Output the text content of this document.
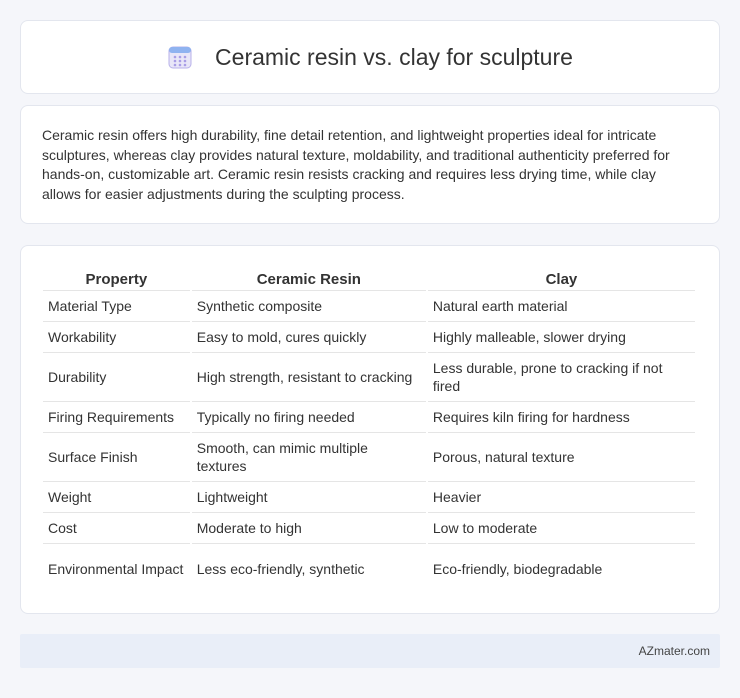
Ceramic resin vs. clay for sculpture

Ceramic resin offers high durability, fine detail retention, and lightweight properties ideal for intricate sculptures, whereas clay provides natural texture, moldability, and traditional authenticity preferred for hands-on, customizable art. Ceramic resin resists cracking and requires less drying time, while clay allows for easier adjustments during the sculpting process.

Property	Ceramic Resin	Clay
Material Type	Synthetic composite	Natural earth material
Workability	Easy to mold, cures quickly	Highly malleable, slower drying
Durability	High strength, resistant to cracking	Less durable, prone to cracking if not fired
Firing Requirements	Typically no firing needed	Requires kiln firing for hardness
Surface Finish	Smooth, can mimic multiple textures	Porous, natural texture
Weight	Lightweight	Heavier
Cost	Moderate to high	Low to moderate
Environmental Impact	Less eco-friendly, synthetic	Eco-friendly, biodegradable
AZmater.com
